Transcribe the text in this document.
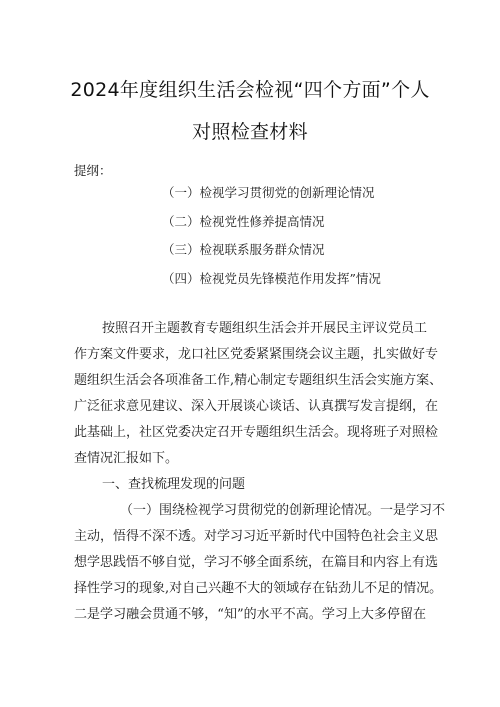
2024年度组织生活会检视“四个方面”个人
对照检查材料
提纲：
（一）检视学习贯彻党的创新理论情况
（二）检视党性修养提高情况
（三）检视联系服务群众情况
（四）检视党员先锋模范作用发挥”情况
按照召开主题教育专题组织生活会并开展民主评议党员工
作方案文件要求，龙口社区党委紧紧围绕会议主题，扎实做好专
题组织生活会各项准备工作,精心制定专题组织生活会实施方案、
广泛征求意见建议、深入开展谈心谈话、认真撰写发言提纲，在
此基础上，社区党委决定召开专题组织生活会。现将班子对照检
查情况汇报如下。
一、查找梳理发现的问题
（一）围绕检视学习贯彻党的创新理论情况。一是学习不
主动，悟得不深不透。对学习习近平新时代中国特色社会主义思
想学思践悟不够自觉，学习不够全面系统，在篇目和内容上有选
择性学习的现象,对自己兴趣不大的领域存在钻劲儿不足的情况。
二是学习融会贯通不够，“知”的水平不高。学习上大多停留在
